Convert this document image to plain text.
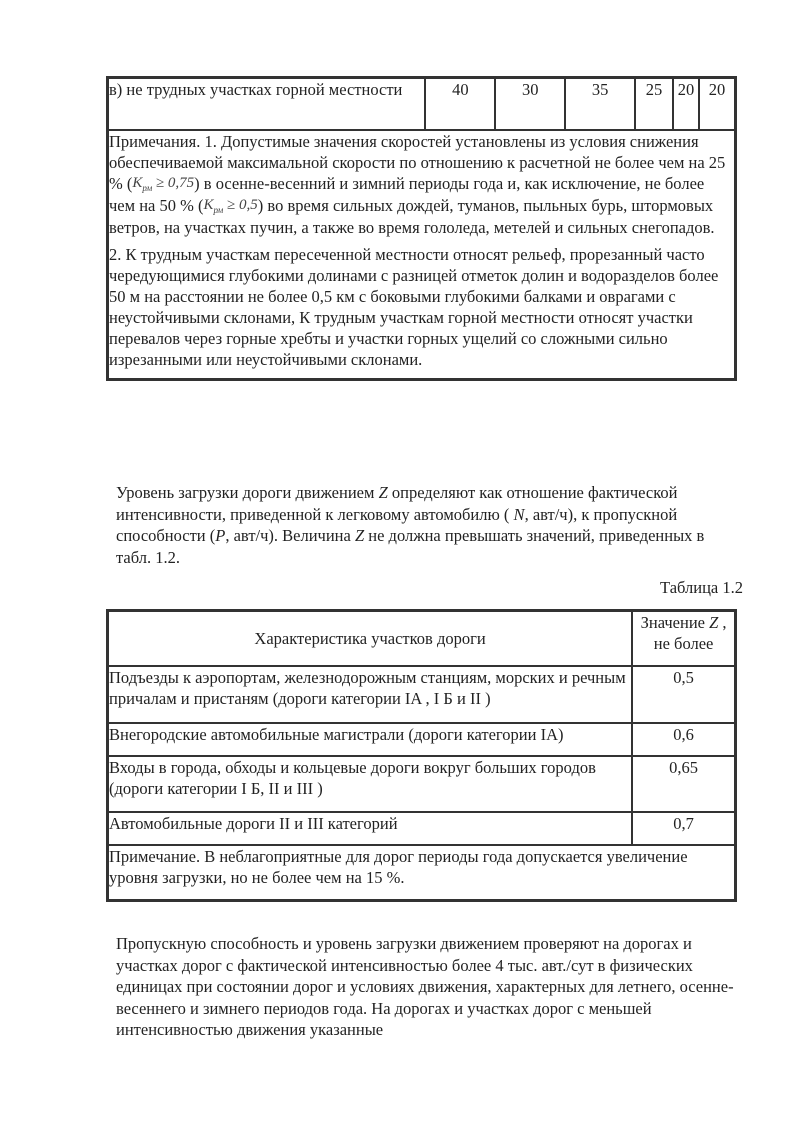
в) не трудных участках горной местности	40	30	35	25	20	20

Примечания. 1. Допустимые значения скоростей установлены из условия снижения обеспечиваемой максимальной скорости по отношению к расчетной не более чем на 25 % $(K_{рм} \ge 0,75)$ в осенне-весенний и зимний периоды года и, как исключение, не более чем на 50 % $(K_{рм} \ge 0,5)$ во время сильных дождей, туманов, пыльных бурь, штормовых ветров, на участках пучин, а также во время гололеда, метелей и сильных снегопадов.

2. К трудным участкам пересеченной местности относят рельеф, прорезанный часто чередующимися глубокими долинами с разницей отметок долин и водоразделов более 50 м на расстоянии не более 0,5 км с боковыми глубокими балками и оврагами с неустойчивыми склонами, К трудным участкам горной местности относят участки перевалов через горные хребты и участки горных ущелий со сложными сильно изрезанными или неустойчивыми склонами.

Уровень загрузки дороги движением Z определяют как отношение фактической интенсивности, приведенной к легковому автомобилю ( N, авт/ч), к пропускной способности (P, авт/ч). Величина Z не должна превышать значений, приведенных в табл. 1.2.

Таблица 1.2
Характеристика участков дороги	Значение Z , не более
Подъезды к аэропортам, железнодорожным станциям, морских и речным причалам и пристаням (дороги категории IA , I Б и II )	0,5
Внегородские автомобильные магистрали (дороги категории IA)	0,6
Входы в города, обходы и кольцевые дороги вокруг больших городов (дороги категории I Б, II и III )	0,65
Автомобильные дороги II и III категорий	0,7
Примечание. В неблагоприятные для дорог периоды года допускается увеличение уровня загрузки, но не более чем на 15 %.	

Пропускную способность и уровень загрузки движением проверяют на дорогах и участках дорог с фактической интенсивностью более 4 тыс. авт./сут в физических единицах при состоянии дорог и условиях движения, характерных для летнего, осенне-весеннего и зимнего периодов года. На дорогах и участках дорог с меньшей интенсивностью движения указанные
